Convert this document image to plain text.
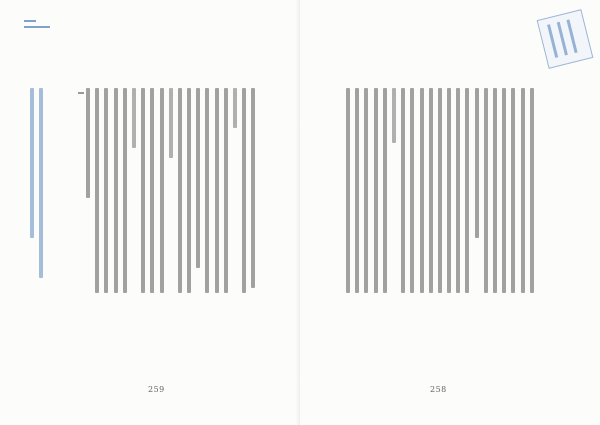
259	258
